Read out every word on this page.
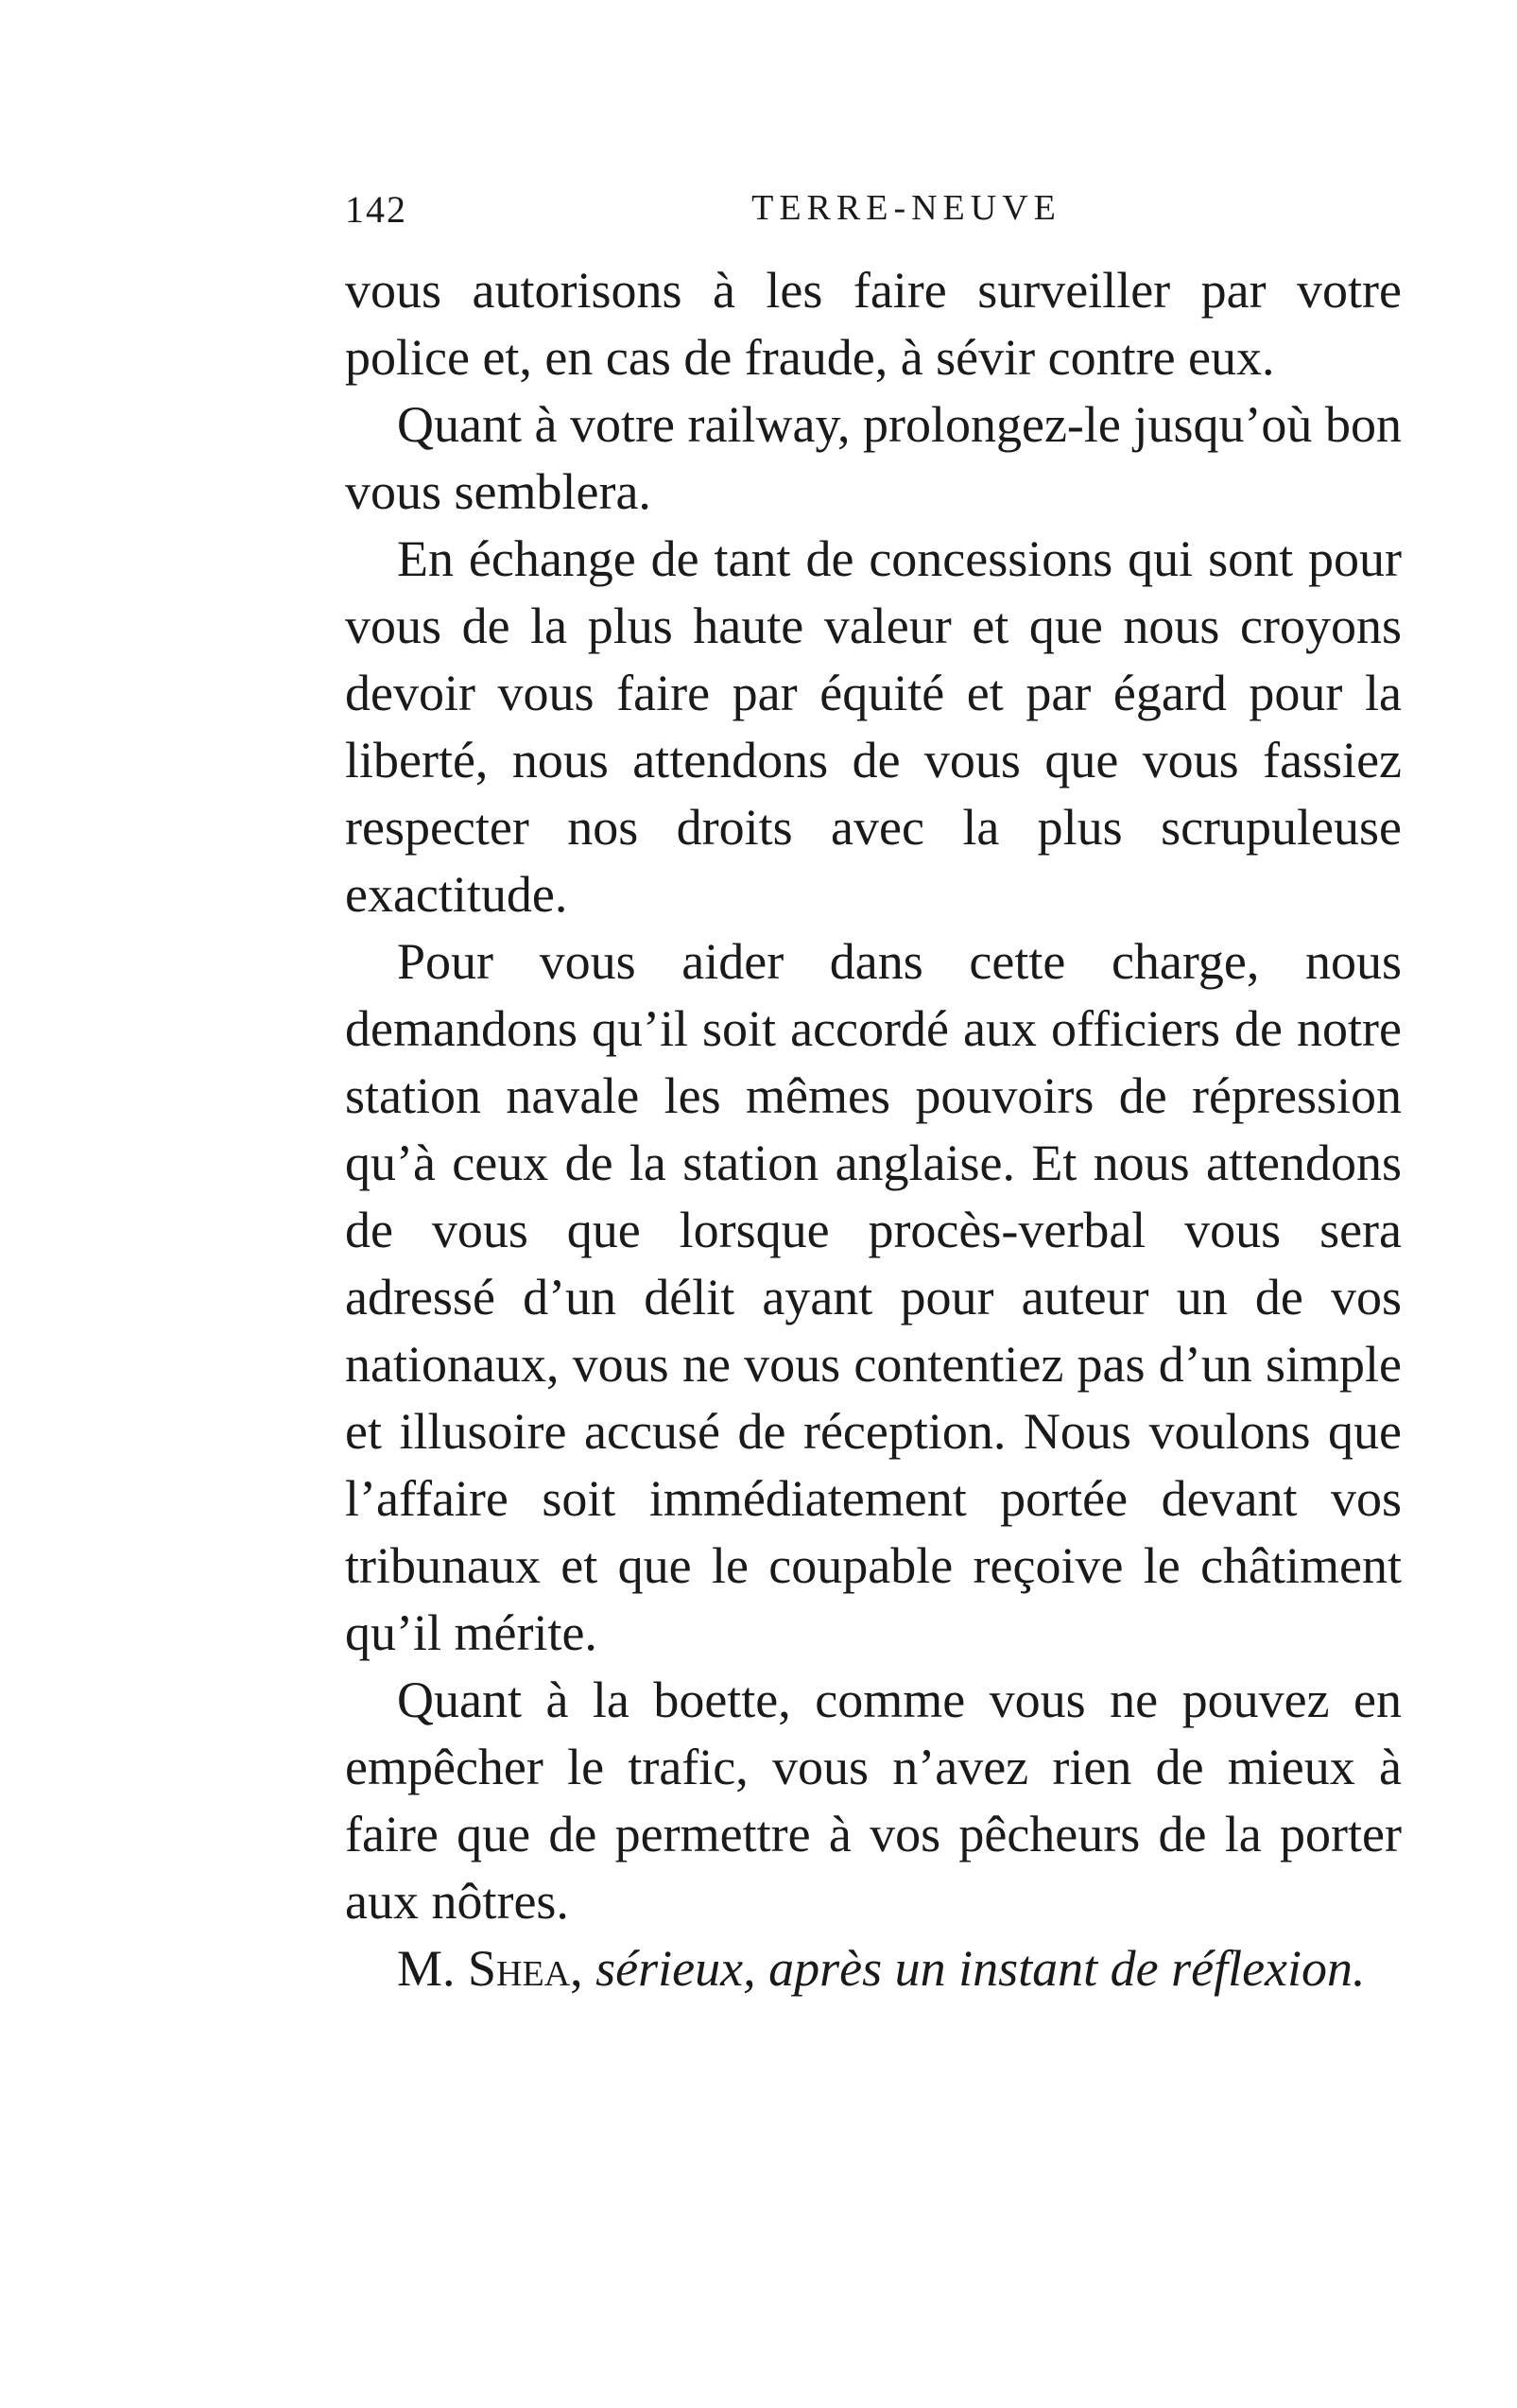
142	TERRE-NEUVE

vous autorisons à les faire surveiller par votre police et, en cas de fraude, à sévir contre eux.

Quant à votre railway, prolongez-le jusqu’où bon vous semblera.

En échange de tant de concessions qui sont pour vous de la plus haute valeur et que nous croyons devoir vous faire par équité et par égard pour la liberté, nous attendons de vous que vous fassiez respecter nos droits avec la plus scrupuleuse exactitude.

Pour vous aider dans cette charge, nous demandons qu’il soit accordé aux officiers de notre station navale les mêmes pouvoirs de répression qu’à ceux de la station anglaise. Et nous attendons de vous que lorsque procès-verbal vous sera adressé d’un délit ayant pour auteur un de vos nationaux, vous ne vous contentiez pas d’un simple et illusoire accusé de réception. Nous voulons que l’affaire soit immédiatement portée devant vos tribunaux et que le coupable reçoive le châtiment qu’il mérite.

Quant à la boette, comme vous ne pouvez en empêcher le trafic, vous n’avez rien de mieux à faire que de permettre à vos pêcheurs de la porter aux nôtres.

M. Shea, sérieux, après un instant de réflexion.
